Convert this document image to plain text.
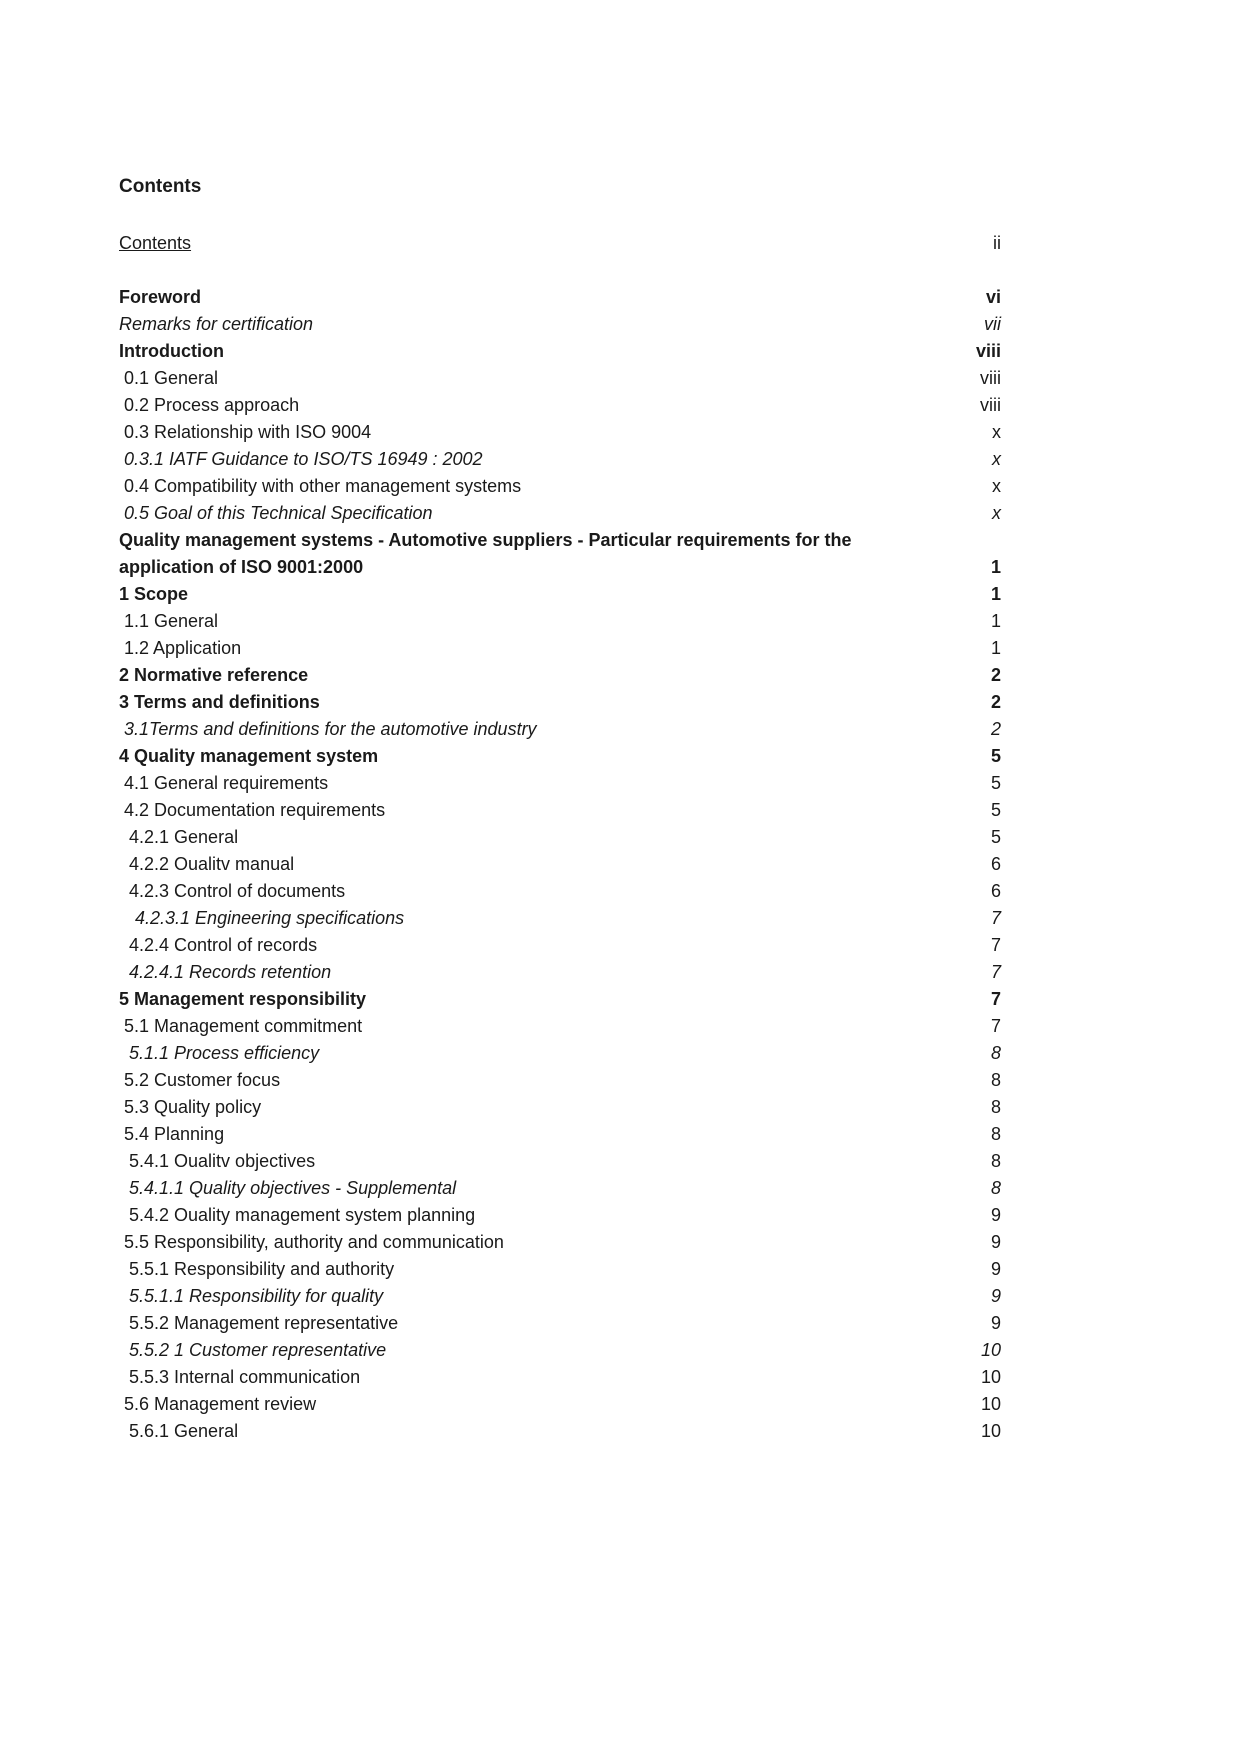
Contents
Contents	ii
Foreword	vi
Remarks for certification	vii
Introduction	viii
0.1 General	viii
0.2 Process approach	viii
0.3 Relationship with ISO 9004	x
0.3.1 IATF Guidance to ISO/TS 16949 : 2002	x
0.4 Compatibility with other management systems	x
0.5 Goal of this Technical Specification	x
Quality management systems - Automotive suppliers - Particular requirements for the application of ISO 9001:2000	1
1 Scope	1
1.1 General	1
1.2 Application	1
2 Normative reference	2
3 Terms and definitions	2
3.1Terms and definitions for the automotive industry	2
4 Quality management system	5
4.1 General requirements	5
4.2 Documentation requirements	5
4.2.1 General	5
4.2.2 Oualitv manual	6
4.2.3 Control of documents	6
4.2.3.1 Engineering specifications	7
4.2.4 Control of records	7
4.2.4.1 Records retention	7
5 Management responsibility	7
5.1 Management commitment	7
5.1.1 Process efficiency	8
5.2 Customer focus	8
5.3 Quality policy	8
5.4 Planning	8
5.4.1 Oualitv objectives	8
5.4.1.1 Quality objectives - Supplemental	8
5.4.2 Ouality management system planning	9
5.5 Responsibility, authority and communication	9
5.5.1 Responsibility and authority	9
5.5.1.1 Responsibility for quality	9
5.5.2 Management representative	9
5.5.2 1 Customer representative	10
5.5.3 Internal communication	10
5.6 Management review	10
5.6.1 General	10
